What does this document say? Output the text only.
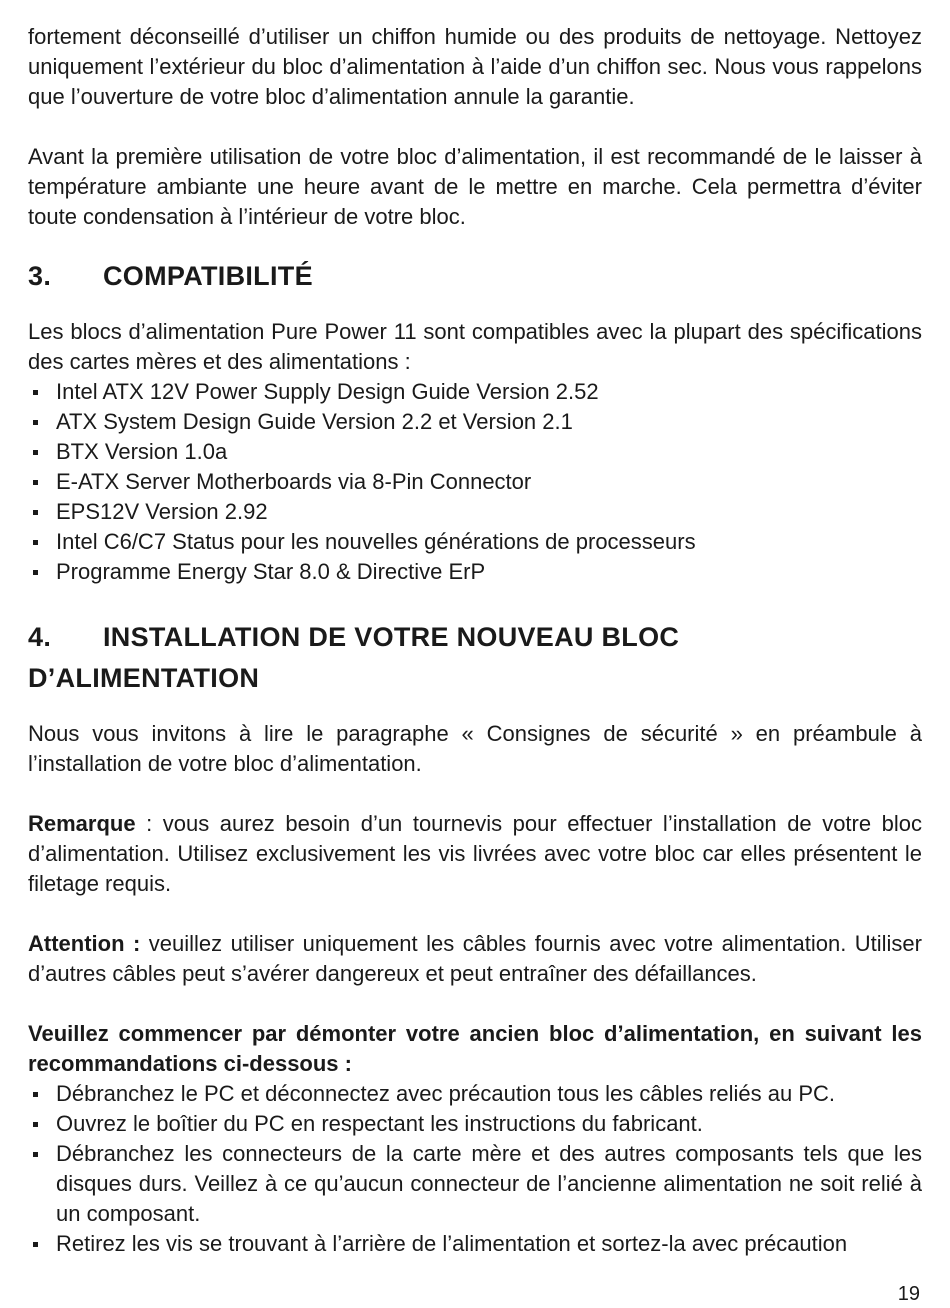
fortement déconseillé d’utiliser un chiffon humide ou des produits de nettoyage. Nettoyez uniquement l’extérieur du bloc d’alimentation à l’aide d’un chiffon sec. Nous vous rappelons que l’ouverture de votre bloc d’alimentation annule la garantie.

Avant la première utilisation de votre bloc d’alimentation, il est recommandé de le laisser à température ambiante une heure avant de le mettre en marche. Cela permettra d’éviter toute condensation à l’intérieur de votre bloc.

3.	COMPATIBILITÉ

Les blocs d’alimentation Pure Power 11 sont compatibles avec la plupart des spécifications des cartes mères et des alimentations :

Intel ATX 12V Power Supply Design Guide Version 2.52
ATX System Design Guide Version 2.2 et Version 2.1
BTX Version 1.0a
E-ATX Server Motherboards via 8-Pin Connector
EPS12V Version 2.92
Intel C6/C7 Status pour les nouvelles générations de processeurs
Programme Energy Star 8.0 & Directive ErP
4.	INSTALLATION DE VOTRE NOUVEAU BLOC
D’ALIMENTATION

Nous vous invitons à lire le paragraphe « Consignes de sécurité » en préambule à l’installation de votre bloc d’alimentation.

Remarque : vous aurez besoin d’un tournevis pour effectuer l’installation de votre bloc d’alimentation. Utilisez exclusivement les vis livrées avec votre bloc car elles présentent le filetage requis.

Attention : veuillez utiliser uniquement les câbles fournis avec votre alimentation. Utiliser d’autres câbles peut s’avérer dangereux et peut entraîner des défaillances.

Veuillez commencer par démonter votre ancien bloc d’alimentation, en suivant les recommandations ci-dessous :

Débranchez le PC et déconnectez avec précaution tous les câbles reliés au PC.
Ouvrez le boîtier du PC en respectant les instructions du fabricant.
Débranchez les connecteurs de la carte mère et des autres composants tels que les disques durs. Veillez à ce qu’aucun connecteur de l’ancienne alimentation ne soit relié à un composant.
Retirez les vis se trouvant à l’arrière de l’alimentation et sortez-la avec précaution
19
